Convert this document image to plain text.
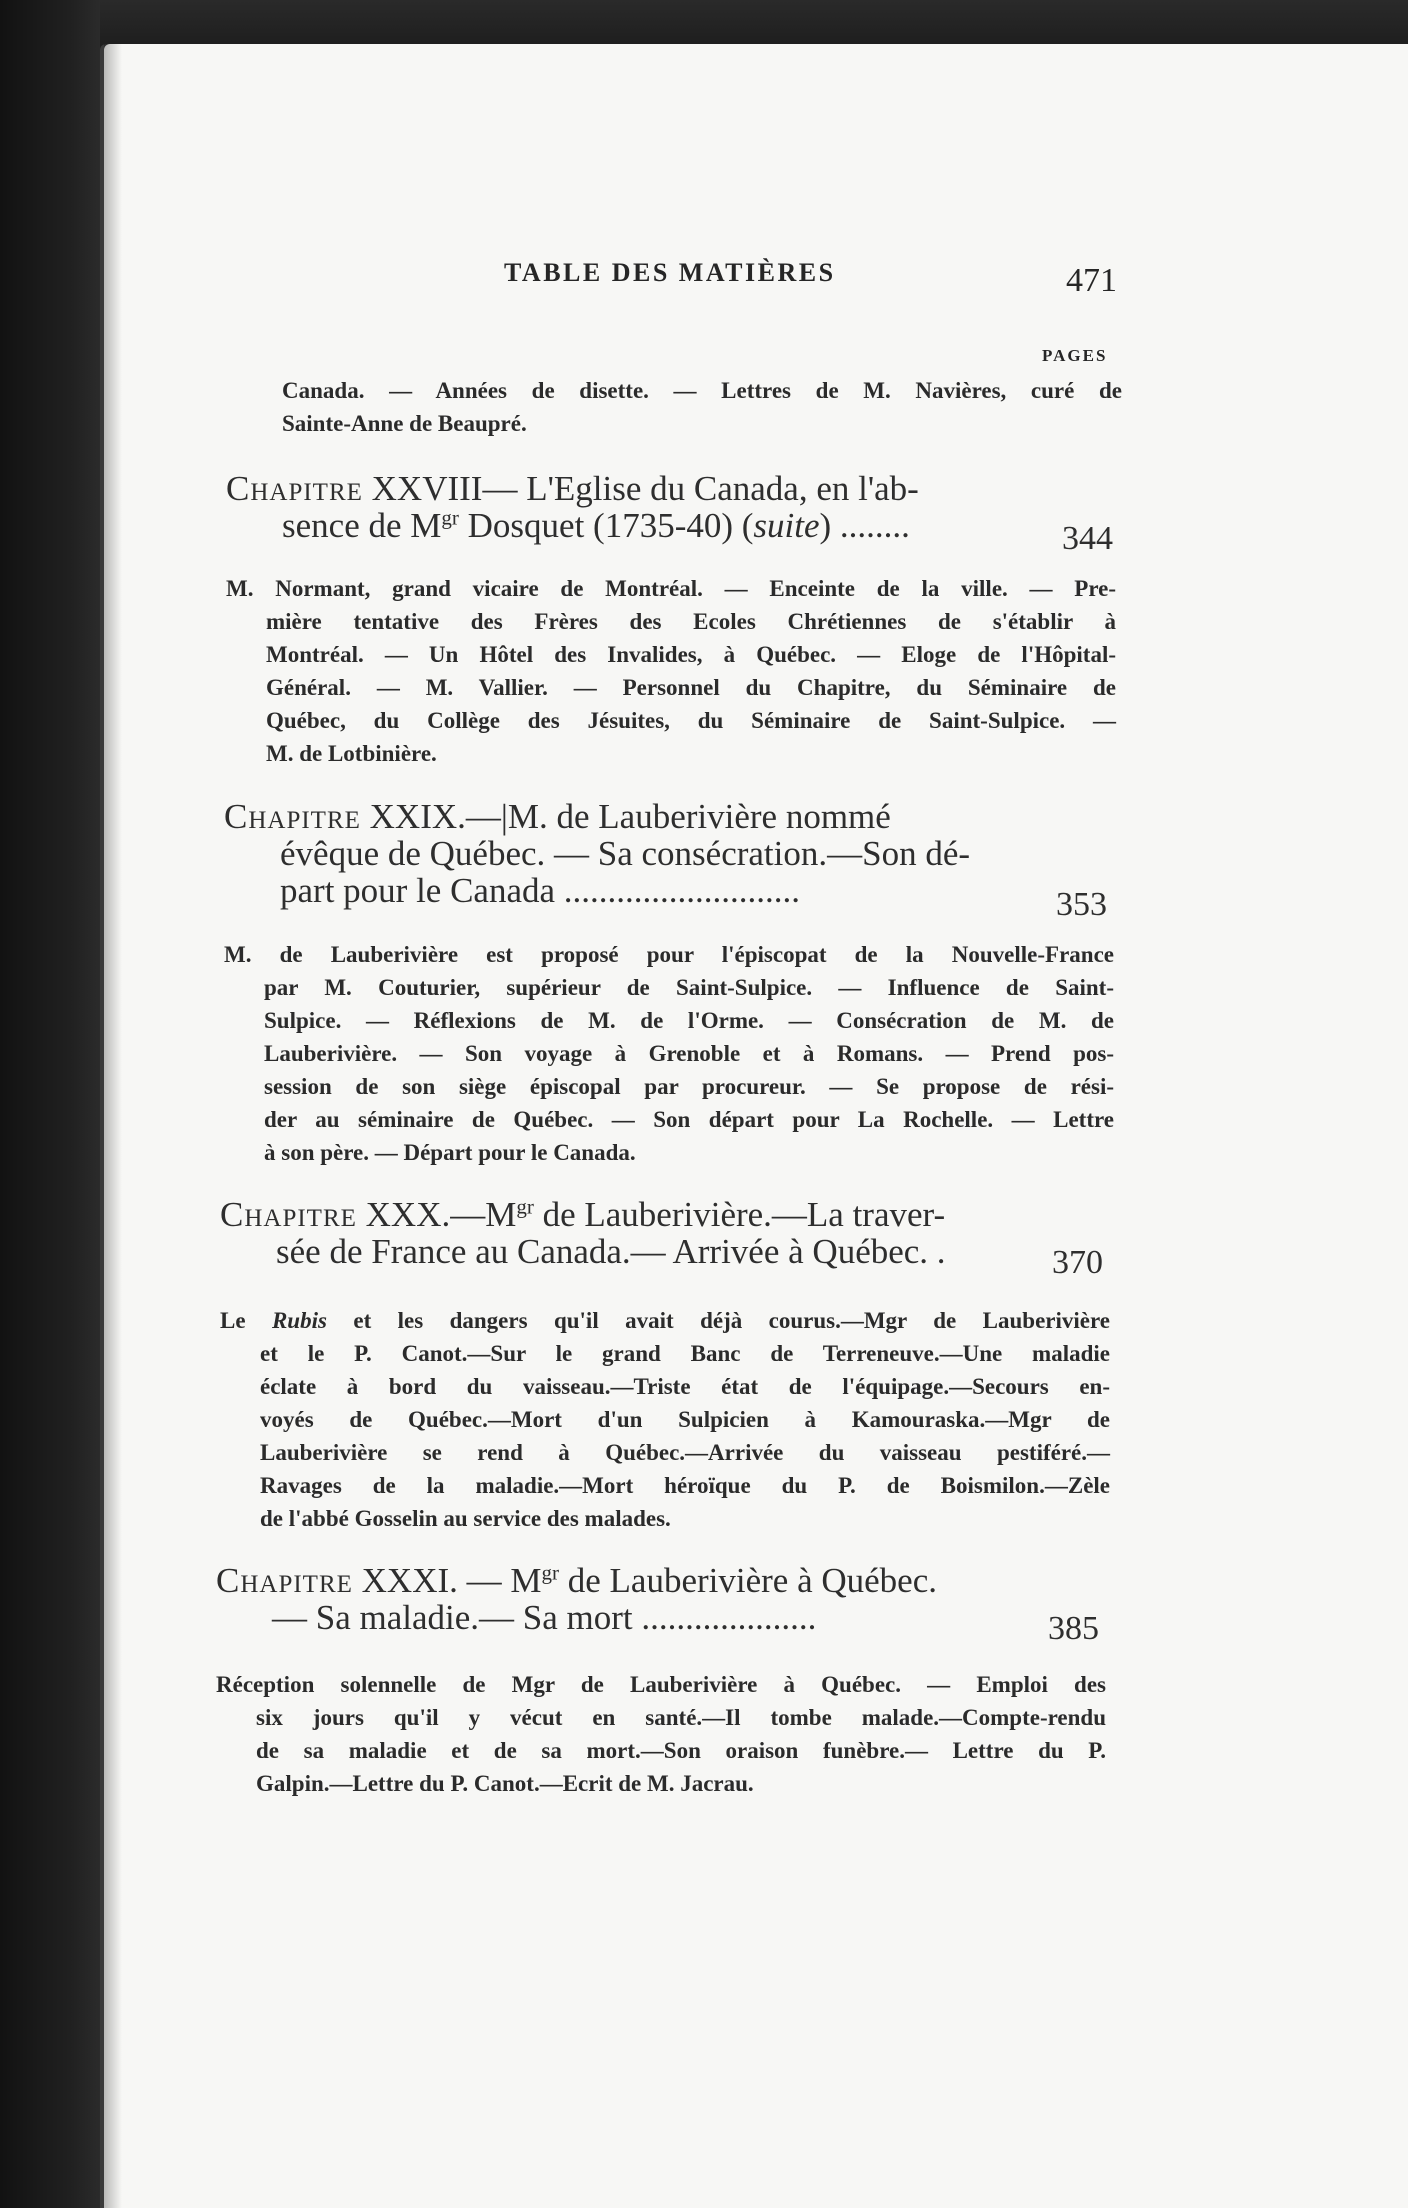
TABLE DES MATIÈRES	471
PAGES
Canada. — Années de disette. — Lettres de M. Navières, curé de
Sainte-Anne de Beaupré.
Chapitre XXVIII— L'Eglise du Canada, en l'ab-
sence de $M^{gr}$ Dosquet (1735-40) (suite) ........	344
M. Normant, grand vicaire de Montréal. — Enceinte de la ville. — Pre-
mière tentative des Frères des Ecoles Chrétiennes de s'établir à
Montréal. — Un Hôtel des Invalides, à Québec. — Eloge de l'Hôpital-
Général. — M. Vallier. — Personnel du Chapitre, du Séminaire de
Québec, du Collège des Jésuites, du Séminaire de Saint-Sulpice. —
M. de Lotbinière.
Chapitre XXIX.—|M. de Lauberivière nommé
évêque de Québec. — Sa consécration.—Son dé-
part pour le Canada ...........................	353
M. de Lauberivière est proposé pour l'épiscopat de la Nouvelle-France
par M. Couturier, supérieur de Saint-Sulpice. — Influence de Saint-
Sulpice. — Réflexions de M. de l'Orme. — Consécration de M. de
Lauberivière. — Son voyage à Grenoble et à Romans. — Prend pos-
session de son siège épiscopal par procureur. — Se propose de rési-
der au séminaire de Québec. — Son départ pour La Rochelle. — Lettre
à son père. — Départ pour le Canada.
Chapitre $XXX.—M^{gr}$ de Lauberivière.—La traver-
sée de France au Canada.— Arrivée à Québec. .	370
Le Rubis et les dangers qu'il avait déjà courus.—Mgr de Lauberivière
et le P. Canot.—Sur le grand Banc de Terreneuve.—Une maladie
éclate à bord du vaisseau.—Triste état de l'équipage.—Secours en-
voyés de Québec.—Mort d'un Sulpicien à Kamouraska.—Mgr de
Lauberivière se rend à Québec.—Arrivée du vaisseau pestiféré.—
Ravages de la maladie.—Mort héroïque du P. de Boismilon.—Zèle
de l'abbé Gosselin au service des malades.
Chapitre XXXI. — $M^{gr}$ de Lauberivière à Québec.
— Sa maladie.— Sa mort ....................	385
Réception solennelle de Mgr de Lauberivière à Québec. — Emploi des
six jours qu'il y vécut en santé.—Il tombe malade.—Compte-rendu
de sa maladie et de sa mort.—Son oraison funèbre.— Lettre du P.
Galpin.—Lettre du P. Canot.—Ecrit de M. Jacrau.
